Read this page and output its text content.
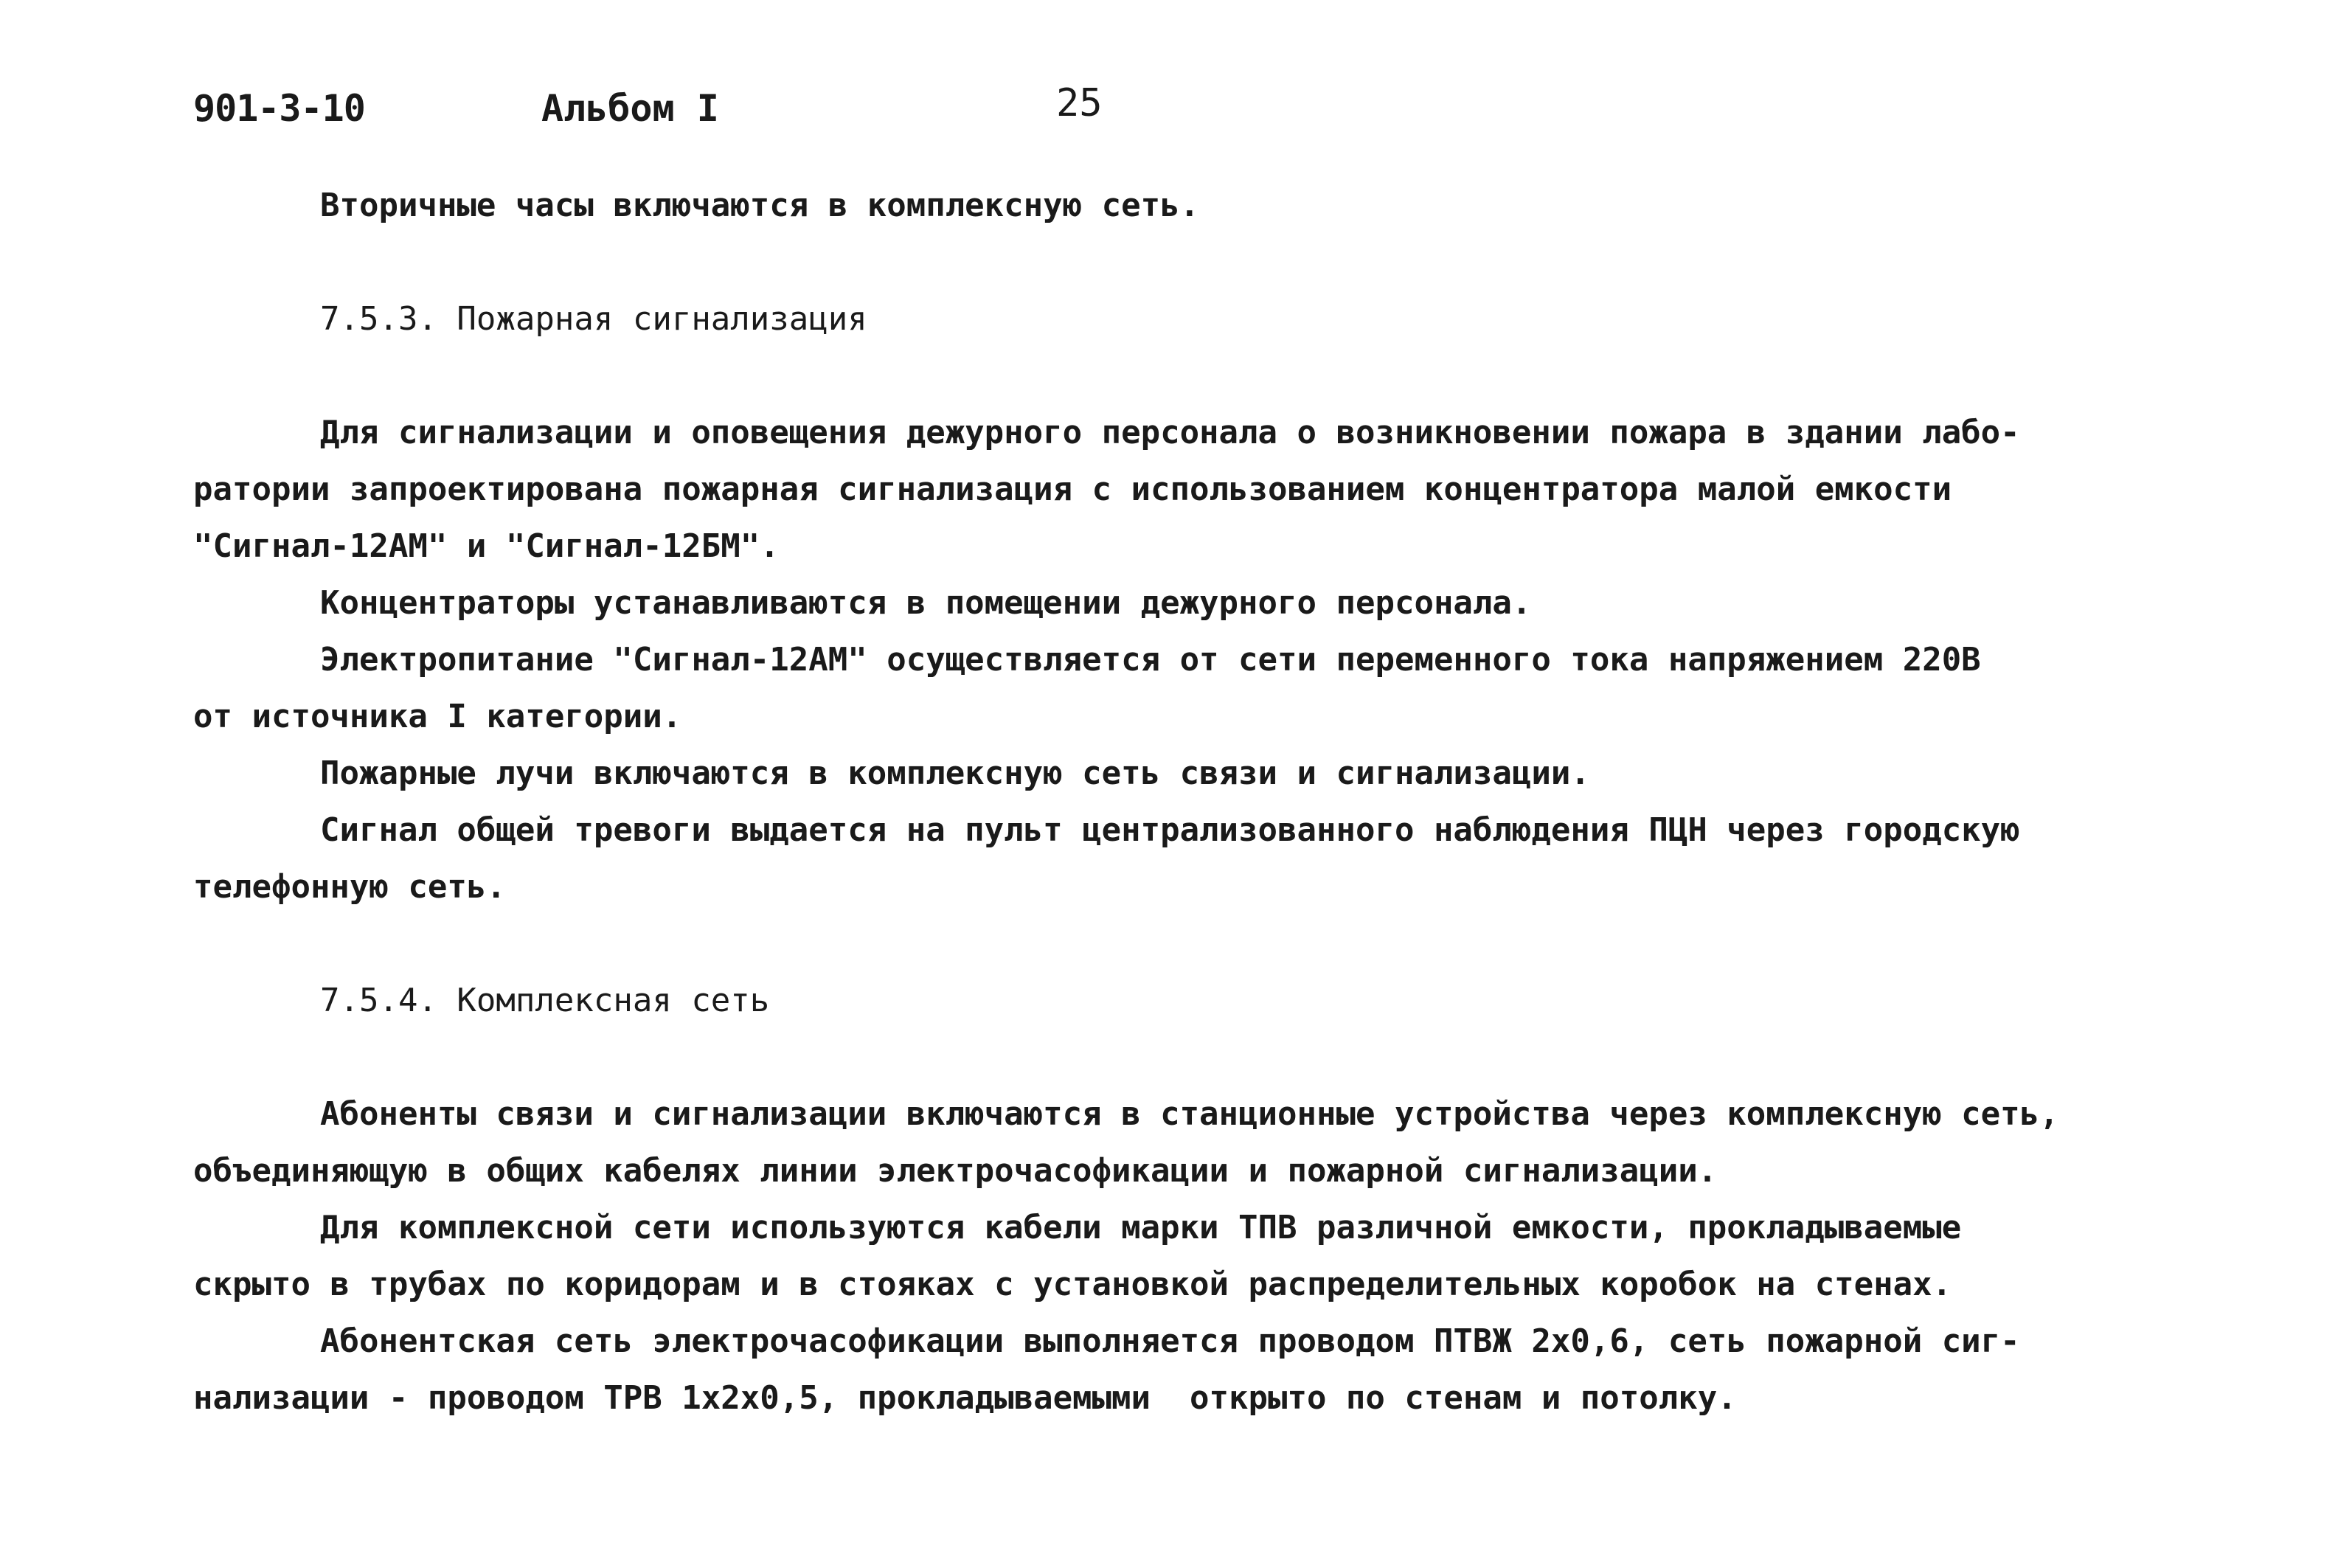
901-3-10	Альбом I	25
Вторичные часы включаются в комплексную сеть.
7.5.3. Пожарная сигнализация
Для сигнализации и оповещения дежурного персонала о возникновении пожара в здании лабо-
ратории запроектирована пожарная сигнализация с использованием концентратора малой емкости
"Сигнал-12АМ" и "Сигнал-12БМ".
Концентраторы устанавливаются в помещении дежурного персонала.
Электропитание "Сигнал-12АМ" осуществляется от сети переменного тока напряжением 220В
от источника I категории.
Пожарные лучи включаются в комплексную сеть связи и сигнализации.
Сигнал общей тревоги выдается на пульт централизованного наблюдения ПЦН через городскую
телефонную сеть.
7.5.4. Комплексная сеть
Абоненты связи и сигнализации включаются в станционные устройства через комплексную сеть,
объединяющую в общих кабелях линии электрочасофикации и пожарной сигнализации.
Для комплексной сети используются кабели марки ТПВ различной емкости, прокладываемые
скрыто в трубах по коридорам и в стояках с установкой распределительных коробок на стенах.
Абонентская сеть электрочасофикации выполняется проводом ПТВЖ 2х0,6, сеть пожарной сиг-
нализации - проводом ТРВ 1х2х0,5, прокладываемыми  открыто по стенам и потолку.
